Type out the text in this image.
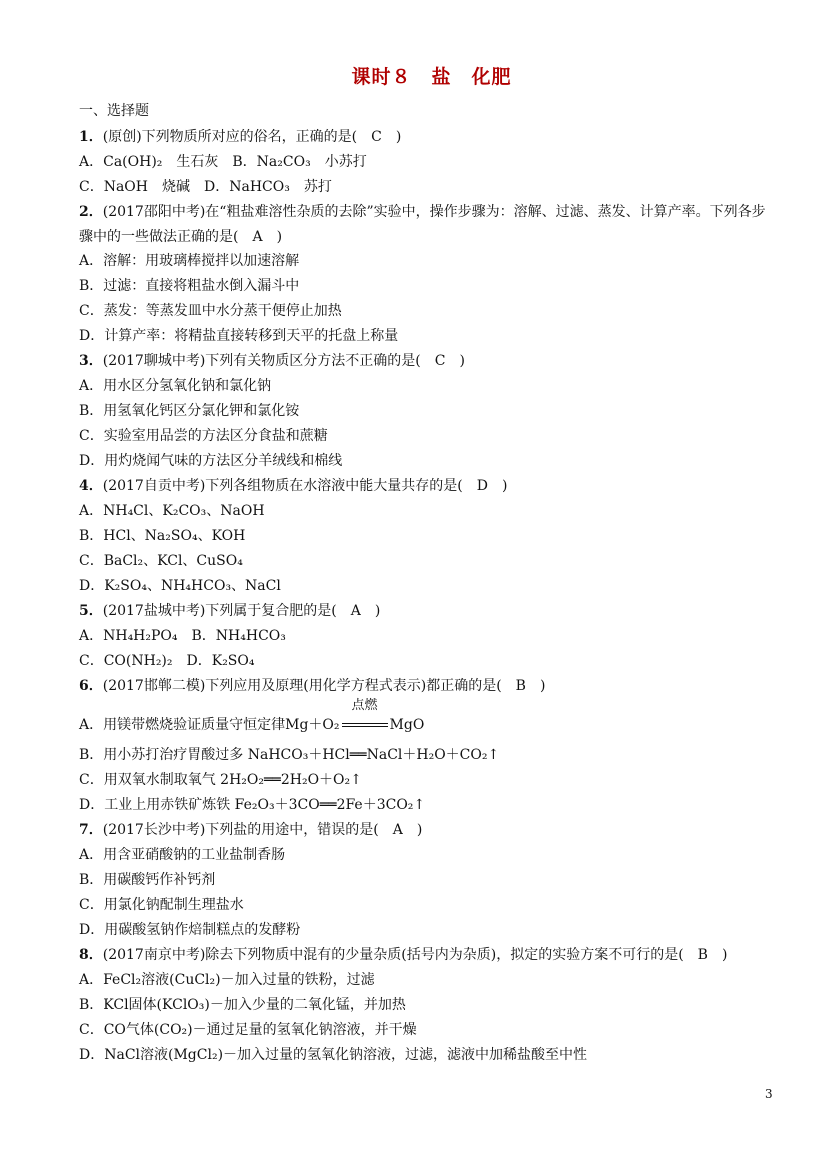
课时８　盐　化肥
一、选择题
1．(原创)下列物质所对应的俗名，正确的是(　C　)
A．Ca(OH)₂　生石灰　B．Na₂CO₃　小苏打
C．NaOH　烧碱　D．NaHCO₃　苏打
2．(2017邵阳中考)在“粗盐难溶性杂质的去除”实验中，操作步骤为：溶解、过滤、蒸发、计算产率。下列各步骤中的一些做法正确的是(　A　)
A．溶解：用玻璃棒搅拌以加速溶解
B．过滤：直接将粗盐水倒入漏斗中
C．蒸发：等蒸发皿中水分蒸干便停止加热
D．计算产率：将精盐直接转移到天平的托盘上称量
3．(2017聊城中考)下列有关物质区分方法不正确的是(　C　)
A．用水区分氢氧化钠和氯化钠
B．用氢氧化钙区分氯化钾和氯化铵
C．实验室用品尝的方法区分食盐和蔗糖
D．用灼烧闻气味的方法区分羊绒线和棉线
4．(2017自贡中考)下列各组物质在水溶液中能大量共存的是(　D　)
A．NH₄Cl、K₂CO₃、NaOH
B．HCl、Na₂SO₄、KOH
C．BaCl₂、KCl、CuSO₄
D．K₂SO₄、NH₄HCO₃、NaCl
5．(2017盐城中考)下列属于复合肥的是(　A　)
A．NH₄H₂PO₄　B．NH₄HCO₃
C．CO(NH₂)₂　D．K₂SO₄
6．(2017邯郸二模)下列应用及原理(用化学方程式表示)都正确的是(　B　)
A．用镁带燃烧验证质量守恒定律Mg＋O₂
点燃
MgO
B．用小苏打治疗胃酸过多 NaHCO₃＋HCl══NaCl＋H₂O＋CO₂↑
C．用双氧水制取氧气 2H₂O₂══2H₂O＋O₂↑
D．工业上用赤铁矿炼铁 Fe₂O₃＋3CO══2Fe＋3CO₂↑
7．(2017长沙中考)下列盐的用途中，错误的是(　A　)
A．用含亚硝酸钠的工业盐制香肠
B．用碳酸钙作补钙剂
C．用氯化钠配制生理盐水
D．用碳酸氢钠作焙制糕点的发酵粉
8．(2017南京中考)除去下列物质中混有的少量杂质(括号内为杂质)，拟定的实验方案不可行的是(　B　)
A．FeCl₂溶液(CuCl₂)－加入过量的铁粉，过滤
B．KCl固体(KClO₃)－加入少量的二氧化锰，并加热
C．CO气体(CO₂)－通过足量的氢氧化钠溶液，并干燥
D．NaCl溶液(MgCl₂)－加入过量的氢氧化钠溶液，过滤，滤液中加稀盐酸至中性
3
